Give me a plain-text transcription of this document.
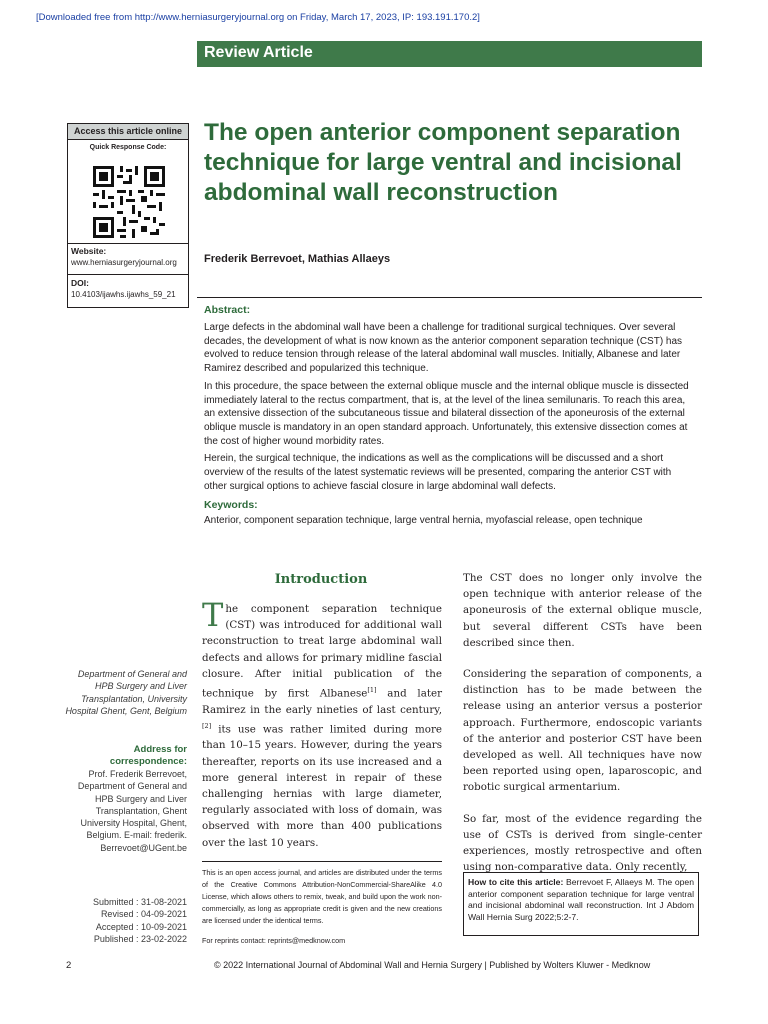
[Downloaded free from http://www.herniasurgeryjournal.org on Friday, March 17, 2023, IP: 193.191.170.2]
Review Article
Access this article online
Quick Response Code:
Website:
www.herniasurgeryjournal.org
DOI:
10.4103/ijawhs.ijawhs_59_21
The open anterior component separation technique for large ventral and incisional abdominal wall reconstruction
Frederik Berrevoet, Mathias Allaeys
Abstract:

Large defects in the abdominal wall have been a challenge for traditional surgical techniques. Over several decades, the development of what is now known as the anterior component separation technique (CST) has evolved to reduce tension through release of the lateral abdominal wall muscles. Initially, Albanese and later Ramirez described and popularized this technique.

In this procedure, the space between the external oblique muscle and the internal oblique muscle is dissected immediately lateral to the rectus compartment, that is, at the level of the linea semilunaris. To reach this area, an extensive dissection of the subcutaneous tissue and bilateral dissection of the aponeurosis of the external oblique muscle is mandatory in an open standard approach. Unfortunately, this extensive dissection comes at the cost of higher wound morbidity rates.

Herein, the surgical technique, the indications as well as the complications will be discussed and a short overview of the results of the latest systematic reviews will be presented, comparing the anterior CST with other surgical options to achieve fascial closure in large abdominal wall defects.

Keywords:
Anterior, component separation technique, large ventral hernia, myofascial release, open technique
Introduction
The component separation technique (CST) was introduced for additional wall reconstruction to treat large abdominal wall defects and allows for primary midline fascial closure. After initial publication of the technique by first Albanese[1] and later Ramirez in the early nineties of last century,[2] its use was rather limited during more than 10–15 years. However, during the years thereafter, reports on its use increased and a more general interest in repair of these challenging hernias with large diameter, regularly associated with loss of domain, was observed with more than 400 publications over the last 10 years.

The CST does no longer only involve the open technique with anterior release of the aponeurosis of the external oblique muscle, but several different CSTs have been described since then.

Considering the separation of components, a distinction has to be made between the release using an anterior versus a posterior approach. Furthermore, endoscopic variants of the anterior and posterior CST have been developed as well. All techniques have now been reported using open, laparoscopic, and robotic surgical armentarium.

So far, most of the evidence regarding the use of CSTs is derived from single-center experiences, mostly retrospective and often using non-comparative data. Only recently,

Department of General and HPB Surgery and Liver Transplantation, University Hospital Ghent, Gent, Belgium
Address for correspondence:
Prof. Frederik Berrevoet, Department of General and HPB Surgery and Liver Transplantation, Ghent University Hospital, Ghent, Belgium. E-mail: frederik. Berrevoet@UGent.be
Submitted : 31-08-2021
Revised : 04-09-2021
Accepted : 10-09-2021
Published : 23-02-2022
This is an open access journal, and articles are distributed under the terms of the Creative Commons Attribution-NonCommercial-ShareAlike 4.0 License, which allows others to remix, tweak, and build upon the work non-commercially, as long as appropriate credit is given and the new creations are licensed under the identical terms.
For reprints contact: reprints@medknow.com
How to cite this article: Berrevoet F, Allaeys M. The open anterior component separation technique for large ventral and incisional abdominal wall reconstruction. Int J Abdom Wall Hernia Surg 2022;5:2-7.
2	© 2022 International Journal of Abdominal Wall and Hernia Surgery | Published by Wolters Kluwer - Medknow
